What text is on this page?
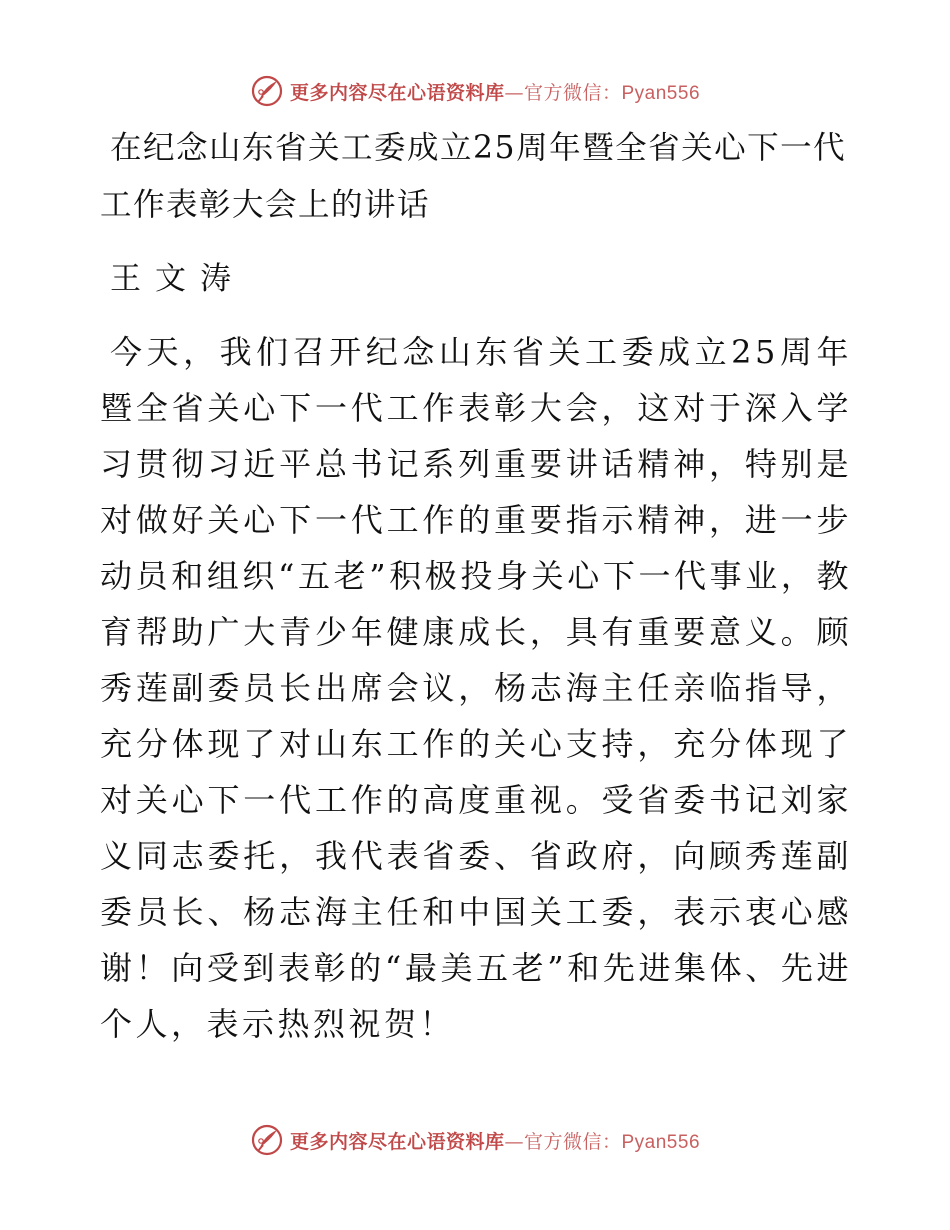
更多内容尽在心语资料库—官方微信：Pyan556
在纪念山东省关工委成立25周年暨全省关心下一代工作表彰大会上的讲话

王文涛

今天，我们召开纪念山东省关工委成立25周年暨全省关心下一代工作表彰大会，这对于深入学习贯彻习近平总书记系列重要讲话精神，特别是对做好关心下一代工作的重要指示精神，进一步动员和组织“五老”积极投身关心下一代事业，教育帮助广大青少年健康成长，具有重要意义。顾秀莲副委员长出席会议，杨志海主任亲临指导，充分体现了对山东工作的关心支持，充分体现了对关心下一代工作的高度重视。受省委书记刘家义同志委托，我代表省委、省政府，向顾秀莲副委员长、杨志海主任和中国关工委，表示衷心感谢！向受到表彰的“最美五老”和先进集体、先进个人，表示热烈祝贺！

更多内容尽在心语资料库—官方微信：Pyan556
